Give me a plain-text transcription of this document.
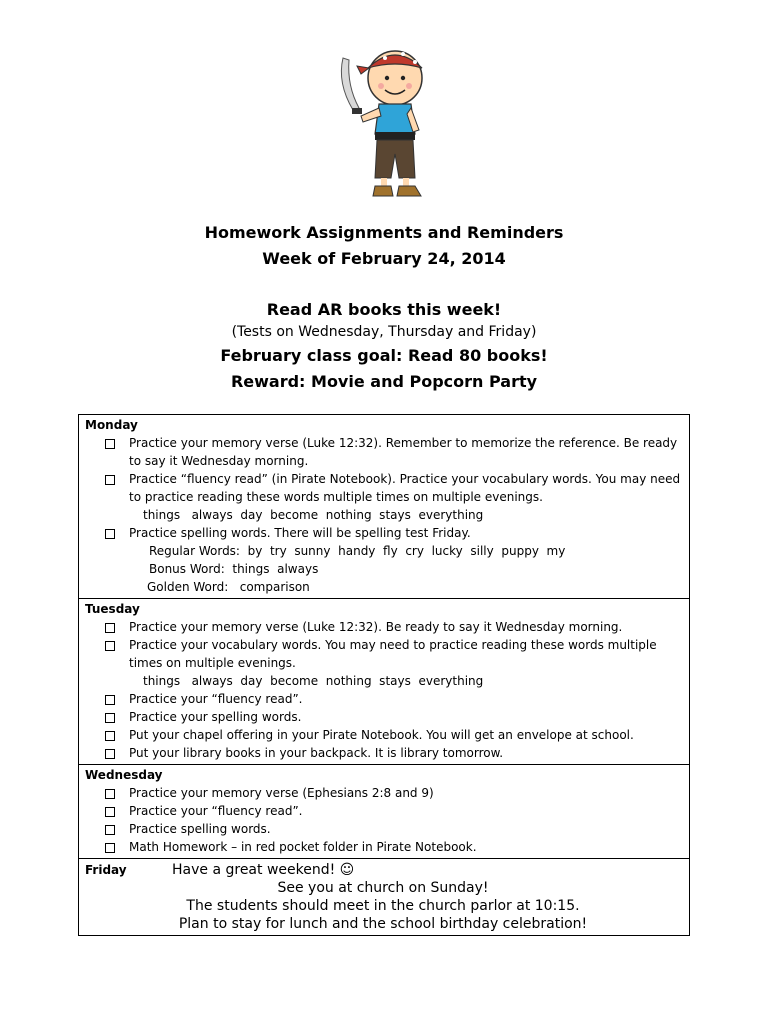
Homework Assignments and Reminders
Week of February 24, 2014
Read AR books this week!
(Tests on Wednesday, Thursday and Friday)
February class goal: Read 80 books!
Reward: Movie and Popcorn Party
Monday
Practice your memory verse (Luke 12:32). Remember to memorize the reference. Be ready to say it Wednesday morning.
Practice “fluency read” (in Pirate Notebook). Practice your vocabulary words. You may need to practice reading these words multiple times on multiple evenings.
things   always  day  become  nothing  stays  everything
Practice spelling words. There will be spelling test Friday.
Regular Words:  by  try  sunny  handy  fly  cry  lucky  silly  puppy  my
Bonus Word:  things  always
Golden Word:   comparison
Tuesday
Practice your memory verse (Luke 12:32). Be ready to say it Wednesday morning.
Practice your vocabulary words. You may need to practice reading these words multiple times on multiple evenings.
things   always  day  become  nothing  stays  everything
Practice your “fluency read”.
Practice your spelling words.
Put your chapel offering in your Pirate Notebook. You will get an envelope at school.
Put your library books in your backpack. It is library tomorrow.
Wednesday
Practice your memory verse (Ephesians 2:8 and 9)
Practice your “fluency read”.
Practice spelling words.
Math Homework – in red pocket folder in Pirate Notebook.
Friday	Have a great weekend! ☺
See you at church on Sunday!
The students should meet in the church parlor at 10:15.
Plan to stay for lunch and the school birthday celebration!
